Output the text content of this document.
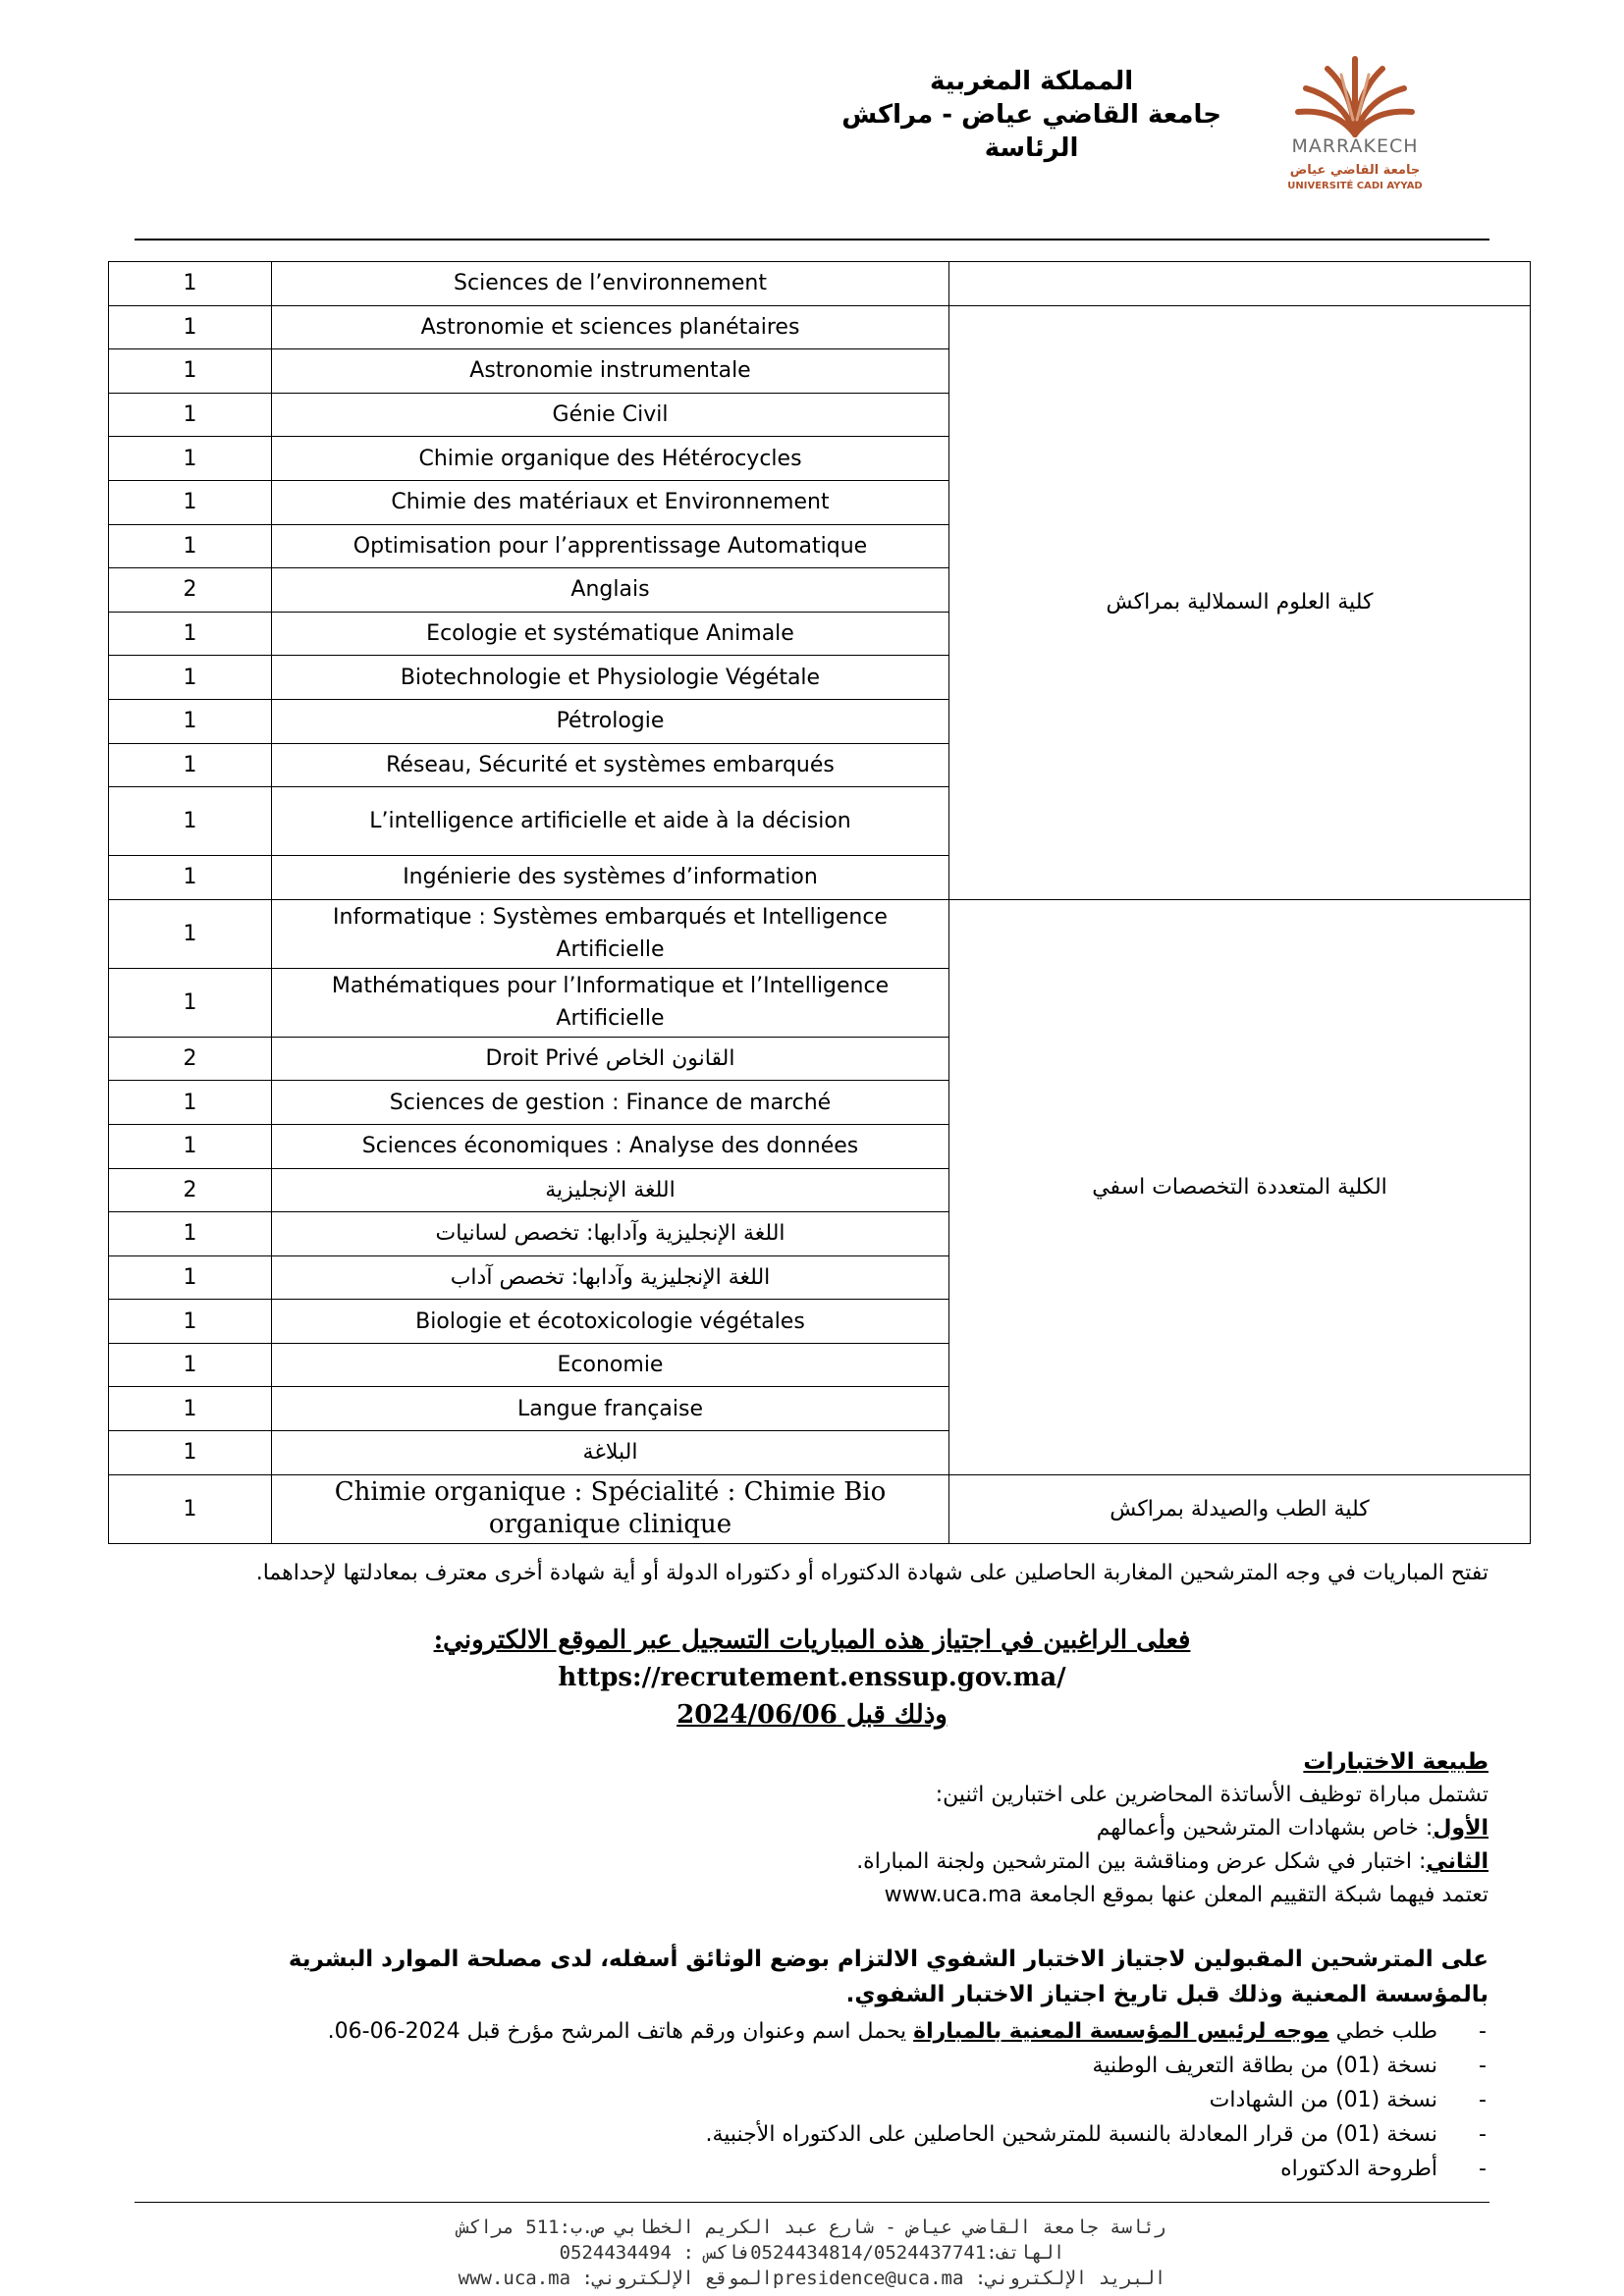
المملكة المغربية
جامعة القاضي عياض - مراكش
الرئاسة	MARRAKECH
جامعة القاضي عياض
UNIVERSITÉ CADI AYYAD
1	Sciences de l’environnement	
1	Astronomie et sciences planétaires	كلية العلوم السملالية بمراكش
1	Astronomie instrumentale	
1	Génie Civil	
1	Chimie organique des Hétérocycles	
1	Chimie des matériaux et Environnement	
1	Optimisation pour l’apprentissage Automatique	
2	Anglais	
1	Ecologie et systématique Animale	
1	Biotechnologie et Physiologie Végétale	
1	Pétrologie	
1	Réseau, Sécurité et systèmes embarqués	
1	L’intelligence artificielle et aide à la décision	
1	Ingénierie des systèmes d’information	
1	Informatique : Systèmes embarqués et Intelligence Artificielle	الكلية المتعددة التخصصات اسفي
1	Mathématiques pour l’Informatique et l’Intelligence Artificielle	
2	Droit Privé القانون الخاص	
1	Sciences de gestion : Finance de marché	
1	Sciences économiques : Analyse des données	
2	اللغة الإنجليزية	
1	اللغة الإنجليزية وآدابها: تخصص لسانيات	
1	اللغة الإنجليزية وآدابها: تخصص آداب	
1	Biologie et écotoxicologie végétales	
1	Economie	
1	Langue française	
1	البلاغة	
1	Chimie organique : Spécialité : Chimie Bio organique clinique	كلية الطب والصيدلة بمراكش
تفتح المباريات في وجه المترشحين المغاربة الحاصلين على شهادة الدكتوراه أو دكتوراه الدولة أو أية شهادة أخرى معترف بمعادلتها لإحداهما.
فعلى الراغبين في اجتياز هذه المباريات التسجيل عبر الموقع الالكتروني:
https://recrutement.enssup.gov.ma/
وذلك قبل 2024/06/06
طبيعة الاختبارات
تشتمل مباراة توظيف الأساتذة المحاضرين على اختبارين اثنين:
الأول: خاص بشهادات المترشحين وأعمالهم
الثاني: اختبار في شكل عرض ومناقشة بين المترشحين ولجنة المباراة.
تعتمد فيهما شبكة التقييم المعلن عنها بموقع الجامعة www.uca.ma
على المترشحين المقبولين لاجتياز الاختبار الشفوي الالتزام بوضع الوثائق أسفله، لدى مصلحة الموارد البشرية بالمؤسسة المعنية وذلك قبل تاريخ اجتياز الاختبار الشفوي.
-
طلب خطي موجه لرئيس المؤسسة المعنية بالمباراة يحمل اسم وعنوان ورقم هاتف المرشح مؤرخ قبل 2024-06-06.
-
نسخة (01) من بطاقة التعريف الوطنية
-
نسخة (01) من الشهادات
-
نسخة (01) من قرار المعادلة بالنسبة للمترشحين الحاصلين على الدكتوراه الأجنبية.
-
أطروحة الدكتوراه
رئاسة جامعة القاضي عياض - شارع عبد الكريم الخطابي ص.ب:511 مراكش
الهاتف:0524434814/0524437741فاكس : 0524434494
البريد الإلكتروني: presidence@uca.maالموقع الإلكتروني: www.uca.ma
